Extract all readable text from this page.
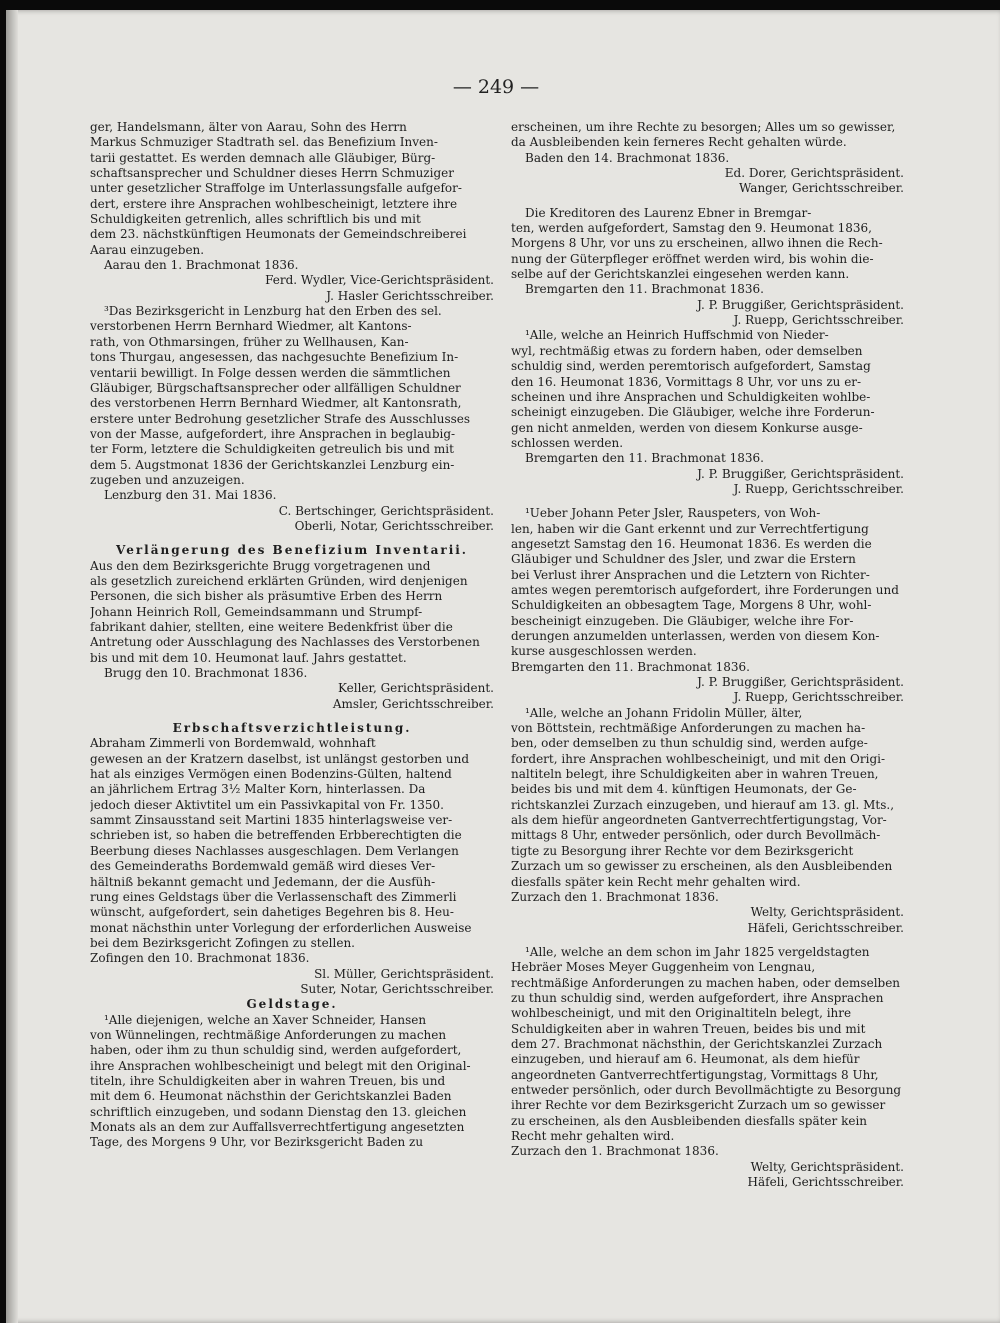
— 249 —
ger, Handelsmann, älter von Aarau, Sohn des Herrn
Markus Schmuziger Stadtrath sel. das Benefizium Inven-
tarii gestattet. Es werden demnach alle Gläubiger, Bürg-
schaftsansprecher und Schuldner dieses Herrn Schmuziger
unter gesetzlicher Straffolge im Unterlassungsfalle aufgefor-
dert, erstere ihre Ansprachen wohlbescheinigt, letztere ihre
Schuldigkeiten getrenlich, alles schriftlich bis und mit
dem 23. nächstkünftigen Heumonats der Gemeindschreiberei
Aarau einzugeben.
Aarau den 1. Brachmonat 1836.
Ferd. Wydler, Vice-Gerichtspräsident.
J. Hasler Gerichtsschreiber.
³Das Bezirksgericht in Lenzburg hat den Erben des sel.
verstorbenen Herrn Bernhard Wiedmer, alt Kantons-
rath, von Othmarsingen, früher zu Wellhausen, Kan-
tons Thurgau, angesessen, das nachgesuchte Benefizium In-
ventarii bewilligt. In Folge dessen werden die sämmtlichen
Gläubiger, Bürgschaftsansprecher oder allfälligen Schuldner
des verstorbenen Herrn Bernhard Wiedmer, alt Kantonsrath,
erstere unter Bedrohung gesetzlicher Strafe des Ausschlusses
von der Masse, aufgefordert, ihre Ansprachen in beglaubig-
ter Form, letztere die Schuldigkeiten getreulich bis und mit
dem 5. Augstmonat 1836 der Gerichtskanzlei Lenzburg ein-
zugeben und anzuzeigen.
Lenzburg den 31. Mai 1836.
C. Bertschinger, Gerichtspräsident.
Oberli, Notar, Gerichtsschreiber.
Verlängerung des Benefizium Inventarii.
Aus den dem Bezirksgerichte Brugg vorgetragenen und
als gesetzlich zureichend erklärten Gründen, wird denjenigen
Personen, die sich bisher als präsumtive Erben des Herrn
Johann Heinrich Roll, Gemeindsammann und Strumpf-
fabrikant dahier, stellten, eine weitere Bedenkfrist über die
Antretung oder Ausschlagung des Nachlasses des Verstorbenen
bis und mit dem 10. Heumonat lauf. Jahrs gestattet.
Brugg den 10. Brachmonat 1836.
Keller, Gerichtspräsident.
Amsler, Gerichtsschreiber.
Erbschaftsverzichtleistung.
Abraham Zimmerli von Bordemwald, wohnhaft
gewesen an der Kratzern daselbst, ist unlängst gestorben und
hat als einziges Vermögen einen Bodenzins-Gülten, haltend
an jährlichem Ertrag 3½ Malter Korn, hinterlassen. Da
jedoch dieser Aktivtitel um ein Passivkapital von Fr. 1350.
sammt Zinsausstand seit Martini 1835 hinterlagsweise ver-
schrieben ist, so haben die betreffenden Erbberechtigten die
Beerbung dieses Nachlasses ausgeschlagen. Dem Verlangen
des Gemeinderaths Bordemwald gemäß wird dieses Ver-
hältniß bekannt gemacht und Jedemann, der die Ausfüh-
rung eines Geldstags über die Verlassenschaft des Zimmerli
wünscht, aufgefordert, sein dahetiges Begehren bis 8. Heu-
monat nächsthin unter Vorlegung der erforderlichen Ausweise
bei dem Bezirksgericht Zofingen zu stellen.
Zofingen den 10. Brachmonat 1836.
Sl. Müller, Gerichtspräsident.
Suter, Notar, Gerichtsschreiber.
Geldstage.
¹Alle diejenigen, welche an Xaver Schneider, Hansen
von Wünnelingen, rechtmäßige Anforderungen zu machen
haben, oder ihm zu thun schuldig sind, werden aufgefordert,
ihre Ansprachen wohlbescheinigt und belegt mit den Original-
titeln, ihre Schuldigkeiten aber in wahren Treuen, bis und
mit dem 6. Heumonat nächsthin der Gerichtskanzlei Baden
schriftlich einzugeben, und sodann Dienstag den 13. gleichen
Monats als an dem zur Auffallsverrechtfertigung angesetzten
Tage, des Morgens 9 Uhr, vor Bezirksgericht Baden zu
erscheinen, um ihre Rechte zu besorgen; Alles um so gewisser,
da Ausbleibenden kein ferneres Recht gehalten würde.
Baden den 14. Brachmonat 1836.
Ed. Dorer, Gerichtspräsident.
Wanger, Gerichtsschreiber.
Die Kreditoren des Laurenz Ebner in Bremgar-
ten, werden aufgefordert, Samstag den 9. Heumonat 1836,
Morgens 8 Uhr, vor uns zu erscheinen, allwo ihnen die Rech-
nung der Güterpfleger eröffnet werden wird, bis wohin die-
selbe auf der Gerichtskanzlei eingesehen werden kann.
Bremgarten den 11. Brachmonat 1836.
J. P. Bruggißer, Gerichtspräsident.
J. Ruepp, Gerichtsschreiber.
¹Alle, welche an Heinrich Huffschmid von Nieder-
wyl, rechtmäßig etwas zu fordern haben, oder demselben
schuldig sind, werden peremtorisch aufgefordert, Samstag
den 16. Heumonat 1836, Vormittags 8 Uhr, vor uns zu er-
scheinen und ihre Ansprachen und Schuldigkeiten wohlbe-
scheinigt einzugeben. Die Gläubiger, welche ihre Forderun-
gen nicht anmelden, werden von diesem Konkurse ausge-
schlossen werden.
Bremgarten den 11. Brachmonat 1836.
J. P. Bruggißer, Gerichtspräsident.
J. Ruepp, Gerichtsschreiber.
¹Ueber Johann Peter Jsler, Rauspeters, von Woh-
len, haben wir die Gant erkennt und zur Verrechtfertigung
angesetzt Samstag den 16. Heumonat 1836. Es werden die
Gläubiger und Schuldner des Jsler, und zwar die Erstern
bei Verlust ihrer Ansprachen und die Letztern von Richter-
amtes wegen peremtorisch aufgefordert, ihre Forderungen und
Schuldigkeiten an obbesagtem Tage, Morgens 8 Uhr, wohl-
bescheinigt einzugeben. Die Gläubiger, welche ihre For-
derungen anzumelden unterlassen, werden von diesem Kon-
kurse ausgeschlossen werden.
Bremgarten den 11. Brachmonat 1836.
J. P. Bruggißer, Gerichtspräsident.
J. Ruepp, Gerichtsschreiber.
¹Alle, welche an Johann Fridolin Müller, älter,
von Böttstein, rechtmäßige Anforderungen zu machen ha-
ben, oder demselben zu thun schuldig sind, werden aufge-
fordert, ihre Ansprachen wohlbescheinigt, und mit den Origi-
naltiteln belegt, ihre Schuldigkeiten aber in wahren Treuen,
beides bis und mit dem 4. künftigen Heumonats, der Ge-
richtskanzlei Zurzach einzugeben, und hierauf am 13. gl. Mts.,
als dem hiefür angeordneten Gantverrechtfertigungstag, Vor-
mittags 8 Uhr, entweder persönlich, oder durch Bevollmäch-
tigte zu Besorgung ihrer Rechte vor dem Bezirksgericht
Zurzach um so gewisser zu erscheinen, als den Ausbleibenden
diesfalls später kein Recht mehr gehalten wird.
Zurzach den 1. Brachmonat 1836.
Welty, Gerichtspräsident.
Häfeli, Gerichtsschreiber.
¹Alle, welche an dem schon im Jahr 1825 vergeldstagten
Hebräer Moses Meyer Guggenheim von Lengnau,
rechtmäßige Anforderungen zu machen haben, oder demselben
zu thun schuldig sind, werden aufgefordert, ihre Ansprachen
wohlbescheinigt, und mit den Originaltiteln belegt, ihre
Schuldigkeiten aber in wahren Treuen, beides bis und mit
dem 27. Brachmonat nächsthin, der Gerichtskanzlei Zurzach
einzugeben, und hierauf am 6. Heumonat, als dem hiefür
angeordneten Gantverrechtfertigungstag, Vormittags 8 Uhr,
entweder persönlich, oder durch Bevollmächtigte zu Besorgung
ihrer Rechte vor dem Bezirksgericht Zurzach um so gewisser
zu erscheinen, als den Ausbleibenden diesfalls später kein
Recht mehr gehalten wird.
Zurzach den 1. Brachmonat 1836.
Welty, Gerichtspräsident.
Häfeli, Gerichtsschreiber.
